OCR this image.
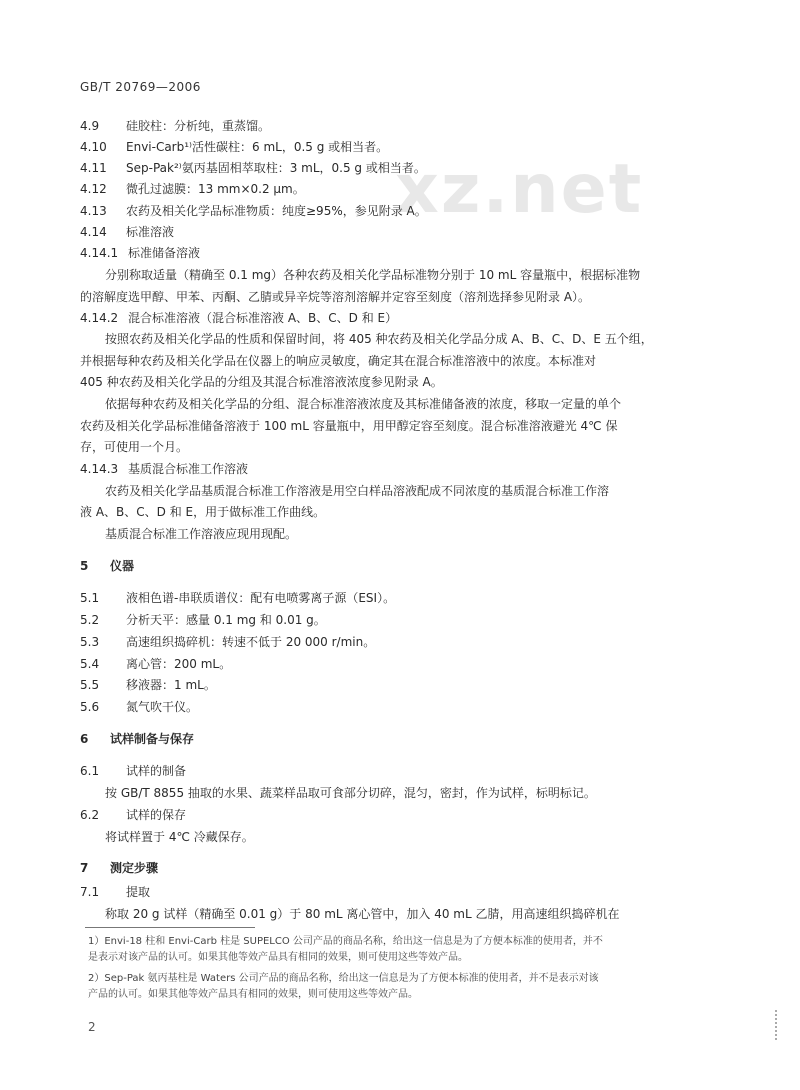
GB/T 20769—2006
xz.net
4.9 硅胶柱：分析纯，重蒸馏。
4.10 Envi-Carb¹⁾活性碳柱：6 mL，0.5 g 或相当者。
4.11 Sep-Pak²⁾氨丙基固相萃取柱：3 mL，0.5 g 或相当者。
4.12 微孔过滤膜：13 mm×0.2 μm。
4.13 农药及相关化学品标准物质：纯度≥95%，参见附录 A。
4.14 标准溶液
4.14.1 标准储备溶液
分别称取适量（精确至 0.1 mg）各种农药及相关化学品标准物分别于 10 mL 容量瓶中，根据标准物
的溶解度选甲醇、甲苯、丙酮、乙腈或异辛烷等溶剂溶解并定容至刻度（溶剂选择参见附录 A）。
4.14.2 混合标准溶液（混合标准溶液 A、B、C、D 和 E）
按照农药及相关化学品的性质和保留时间，将 405 种农药及相关化学品分成 A、B、C、D、E 五个组，
并根据每种农药及相关化学品在仪器上的响应灵敏度，确定其在混合标准溶液中的浓度。本标准对
405 种农药及相关化学品的分组及其混合标准溶液浓度参见附录 A。
依据每种农药及相关化学品的分组、混合标准溶液浓度及其标准储备液的浓度，移取一定量的单个
农药及相关化学品标准储备溶液于 100 mL 容量瓶中，用甲醇定容至刻度。混合标准溶液避光 4℃ 保
存，可使用一个月。
4.14.3 基质混合标准工作溶液
农药及相关化学品基质混合标准工作溶液是用空白样品溶液配成不同浓度的基质混合标准工作溶
液 A、B、C、D 和 E，用于做标准工作曲线。
基质混合标准工作溶液应现用现配。
5 仪器
5.1 液相色谱-串联质谱仪：配有电喷雾离子源（ESI）。
5.2 分析天平：感量 0.1 mg 和 0.01 g。
5.3 高速组织捣碎机：转速不低于 20 000 r/min。
5.4 离心管：200 mL。
5.5 移液器：1 mL。
5.6 氮气吹干仪。
6 试样制备与保存
6.1 试样的制备
按 GB/T 8855 抽取的水果、蔬菜样品取可食部分切碎，混匀，密封，作为试样，标明标记。
6.2 试样的保存
将试样置于 4℃ 冷藏保存。
7 测定步骤
7.1 提取
称取 20 g 试样（精确至 0.01 g）于 80 mL 离心管中，加入 40 mL 乙腈，用高速组织捣碎机在
1）Envi-18 柱和 Envi-Carb 柱是 SUPELCO 公司产品的商品名称，给出这一信息是为了方便本标准的使用者，并不
是表示对该产品的认可。如果其他等效产品具有相同的效果，则可使用这些等效产品。
2）Sep-Pak 氨丙基柱是 Waters 公司产品的商品名称，给出这一信息是为了方便本标准的使用者，并不是表示对该
产品的认可。如果其他等效产品具有相同的效果，则可使用这些等效产品。
2
